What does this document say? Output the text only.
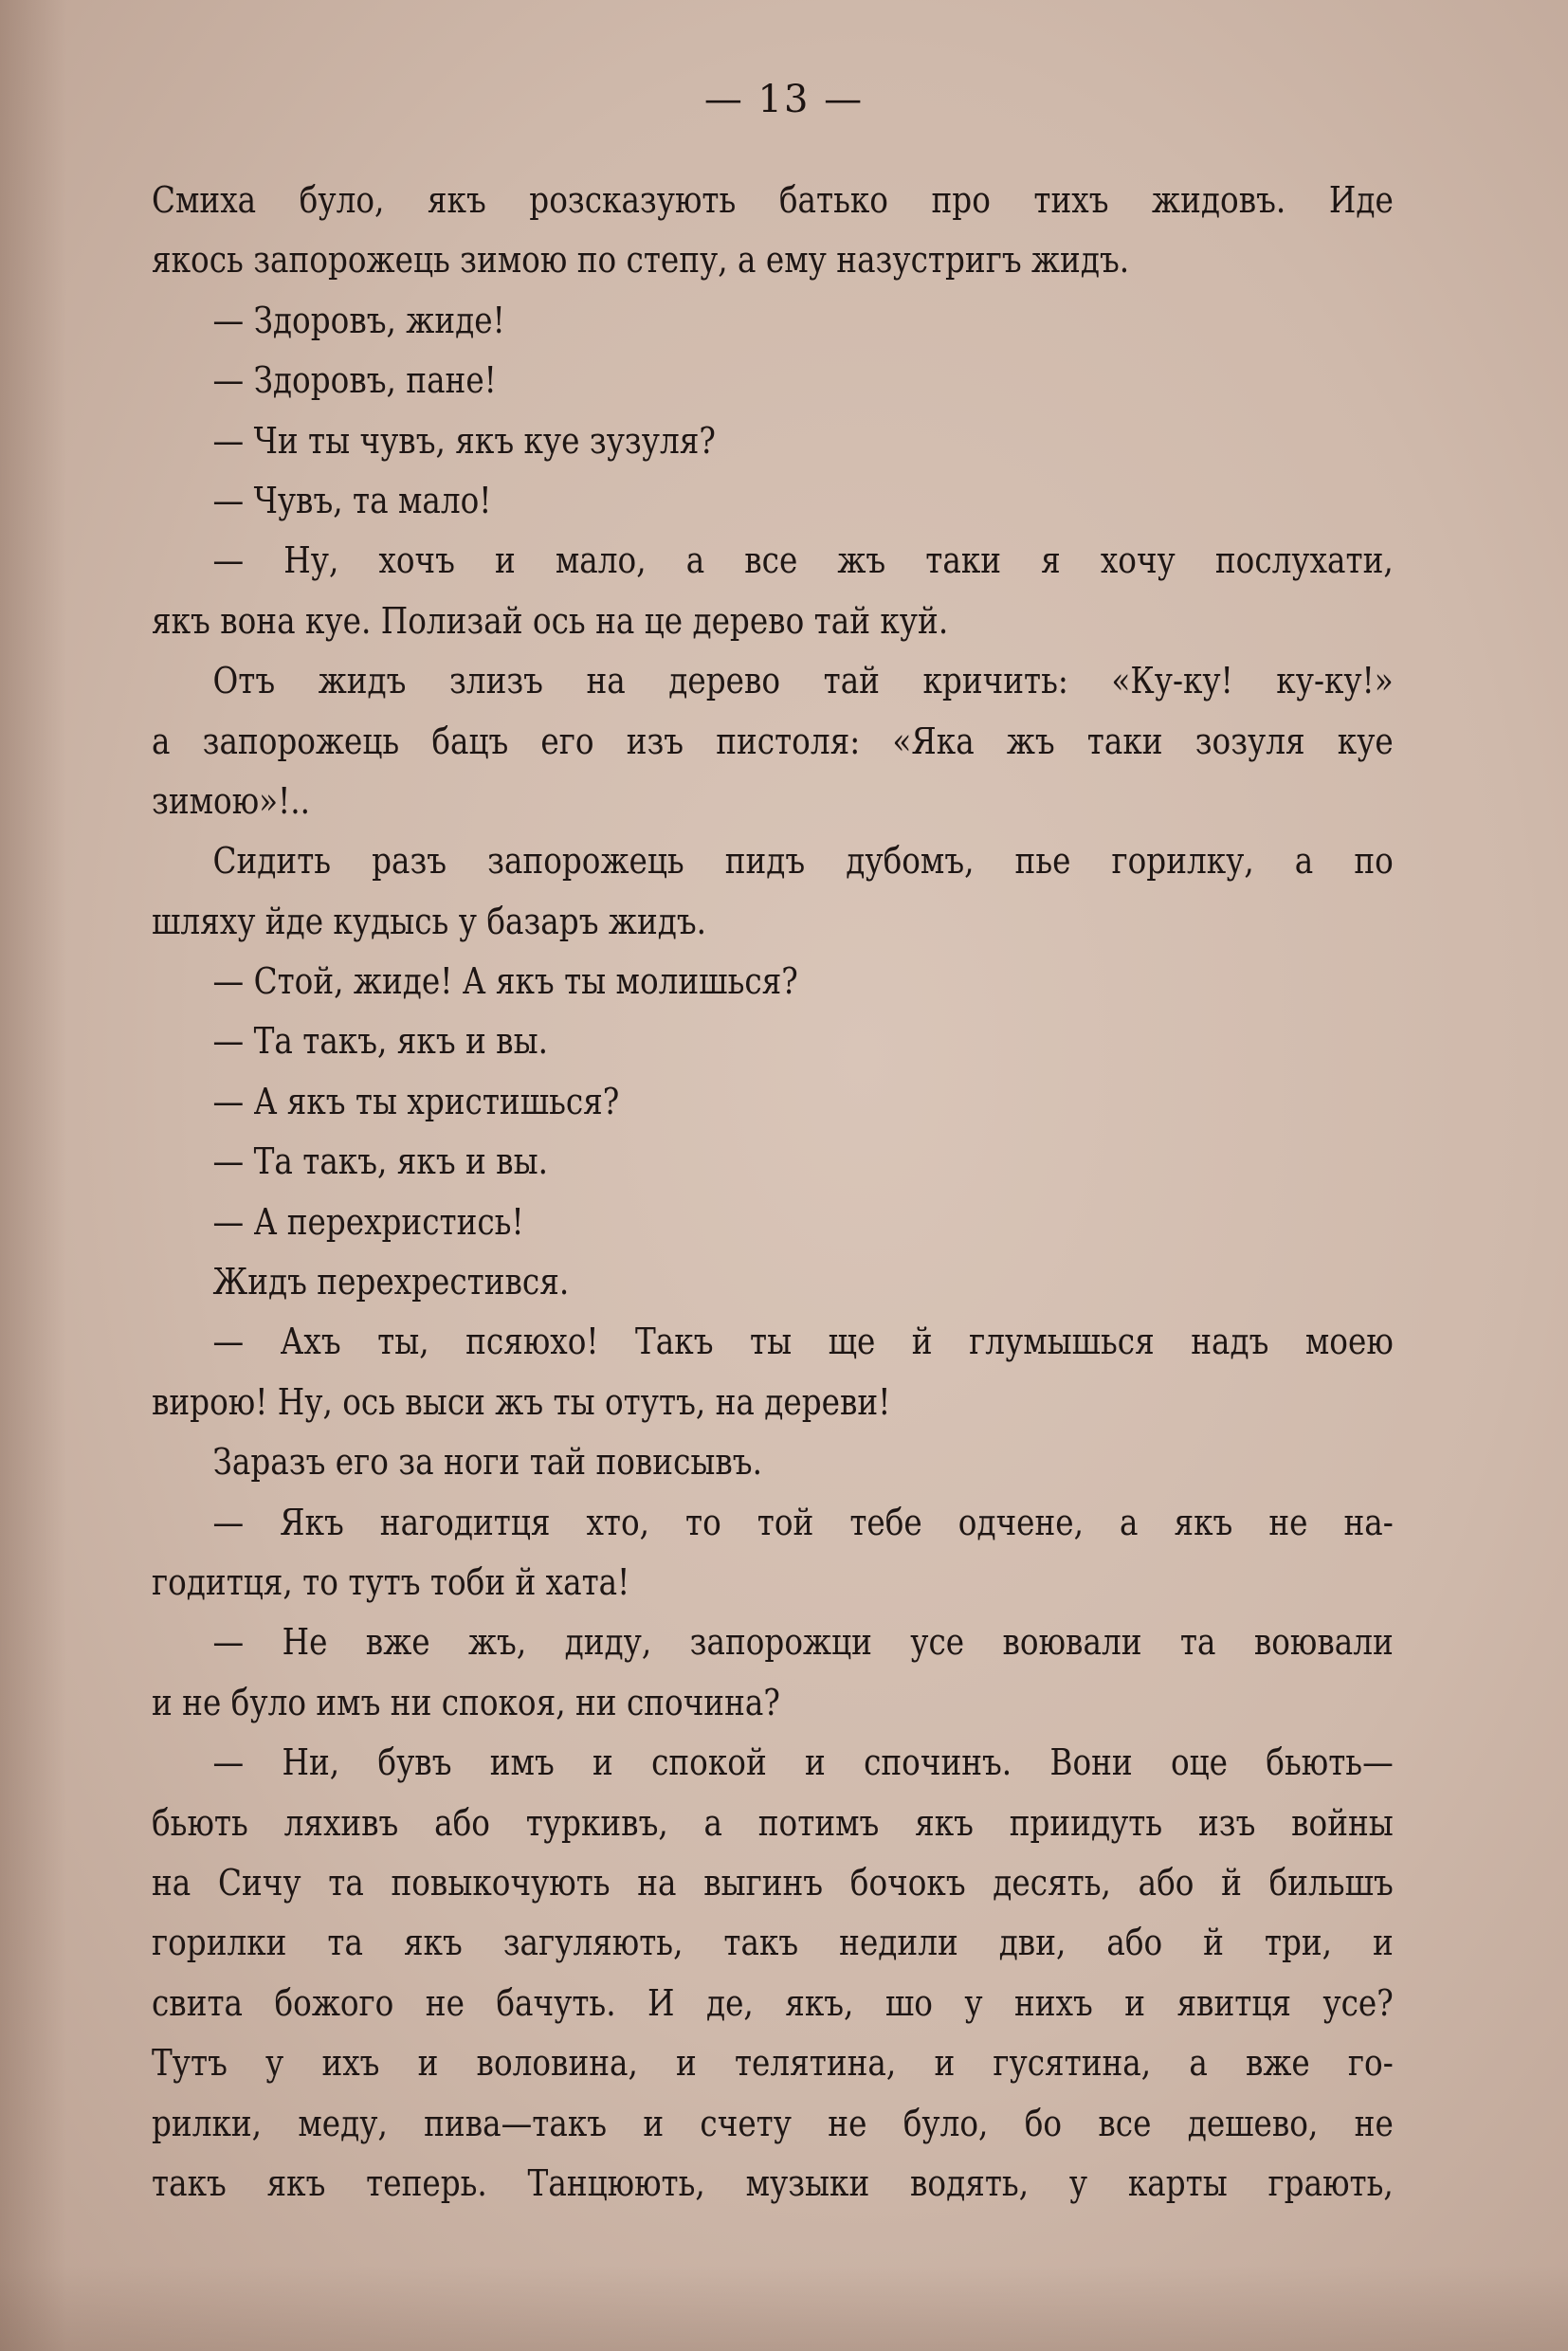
— 13 —
Смиха було, якъ розсказують батько про тихъ жидовъ. Иде
якось запорожець зимою по степу, а ему назустригъ жидъ.
— Здоровъ, жиде!
— Здоровъ, пане!
— Чи ты чувъ, якъ куе зузуля?
— Чувъ, та мало!
— Ну, хочъ и мало, а все жъ таки я хочу послухати,
якъ вона куе. Полизай ось на це дерево тай куй.
Отъ жидъ злизъ на дерево тай кричить: «Ку-ку! ку-ку!»
а запорожець бацъ его изъ пистоля: «Яка жъ таки зозуля куе
зимою»!..
Сидить разъ запорожець пидъ дубомъ, пье горилку, а по
шляху йде кудысь у базаръ жидъ.
— Стой, жиде! А якъ ты молишься?
— Та такъ, якъ и вы.
— А якъ ты христишься?
— Та такъ, якъ и вы.
— А перехристись!
Жидъ перехрестився.
— Ахъ ты, псяюхо! Такъ ты ще й глумышься надъ моею
вирою! Ну, ось выси жъ ты отутъ, на дереви!
Заразъ его за ноги тай повисывъ.
— Якъ нагодитця хто, то той тебе одчене, а якъ не на-
годитця, то тутъ тоби й хата!
— Не вже жъ, диду, запорожци усе воювали та воювали
и не було имъ ни спокоя, ни спочина?
— Ни, бувъ имъ и спокой и спочинъ. Вони оце бьють—
бьють ляхивъ або туркивъ, а потимъ якъ приидуть изъ войны
на Сичу та повыкочують на выгинъ бочокъ десять, або й бильшъ
горилки та якъ загуляють, такъ недили дви, або й три, и
свита божого не бачуть. И де, якъ, шо у нихъ и явитця усе?
Тутъ у ихъ и воловина, и телятина, и гусятина, а вже го-
рилки, меду, пива—такъ и счету не було, бо все дешево, не
такъ якъ теперь. Танцюють, музыки водять, у карты грають,
